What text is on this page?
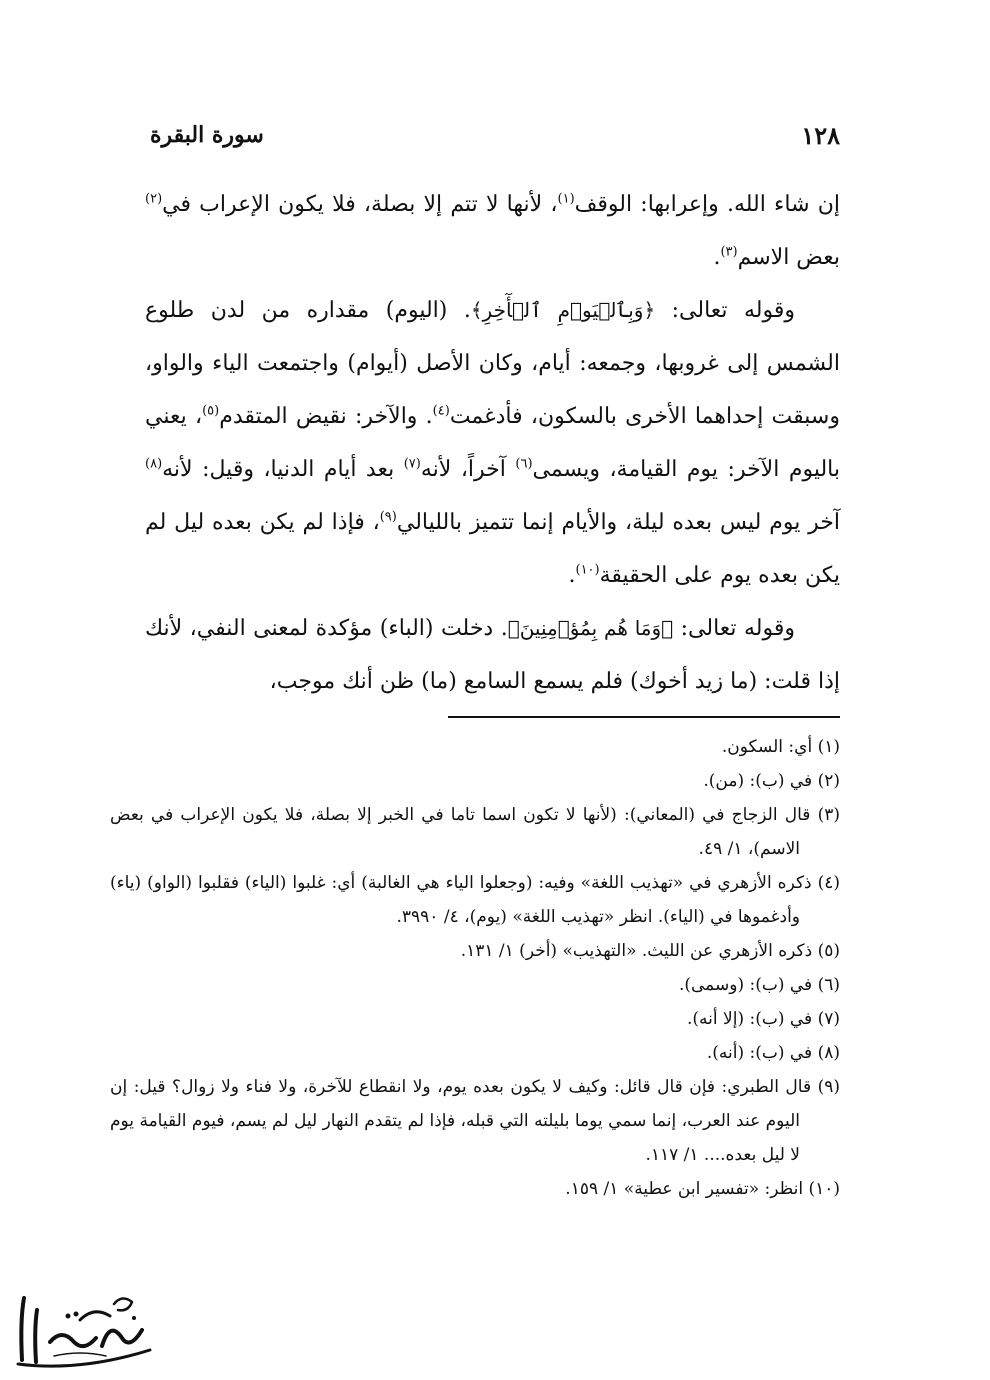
١٢٨
سورة البقرة

إن شاء الله. وإعرابها: الوقف$^{(١)}$، لأنها لا تتم إلا بصلة، فلا يكون الإعراب في$^{(٢)}$ بعض الاسم$^{(٣)}$.

وقوله تعالى: ﴿وَبِٱلۡيَوۡمِ ٱلۡأٓخِرِ﴾. (اليوم) مقداره من لدن طلوع الشمس إلى غروبها، وجمعه: أيام، وكان الأصل (أيوام) واجتمعت الياء والواو، وسبقت إحداهما الأخرى بالسكون، فأدغمت$^{(٤)}$. والآخر: نقيض المتقدم$^{(٥)}$، يعني باليوم الآخر: يوم القيامة، ويسمى$^{(٦)}$ آخراً، لأنه$^{(٧)}$ بعد أيام الدنيا، وقيل: لأنه$^{(٨)}$ آخر يوم ليس بعده ليلة، والأيام إنما تتميز بالليالي$^{(٩)}$، فإذا لم يكن بعده ليل لم يكن بعده يوم على الحقيقة$^{(١٠)}$.

وقوله تعالى: ﴿وَمَا هُم بِمُؤۡمِنِينَ﴾. دخلت (الباء) مؤكدة لمعنى النفي، لأنك إذا قلت: (ما زيد أخوك) فلم يسمع السامع (ما) ظن أنك موجب،

(١) أي: السكون.

(٢) في (ب): (من).

(٣) قال الزجاج في (المعاني): (لأنها لا تكون اسما تاما في الخبر إلا بصلة، فلا يكون الإعراب في بعض الاسم)، ١/ ٤٩.

(٤) ذكره الأزهري في «تهذيب اللغة» وفيه: (وجعلوا الياء هي الغالبة) أي: غلبوا (الياء) فقلبوا (الواو) (ياء) وأدغموها في (الياء). انظر «تهذيب اللغة» (يوم)، ٤/ ٣٩٩٠.

(٥) ذكره الأزهري عن الليث. «التهذيب» (أخر) ١/ ١٣١.

(٦) في (ب): (وسمى).

(٧) في (ب): (إلا أنه).

(٨) في (ب): (أنه).

(٩) قال الطبري: فإن قال قائل: وكيف لا يكون بعده يوم، ولا انقطاع للآخرة، ولا فناء ولا زوال؟ قيل: إن اليوم عند العرب، إنما سمي يوما بليلته التي قبله، فإذا لم يتقدم النهار ليل لم يسم، فيوم القيامة يوم لا ليل بعده.... ١/ ١١٧.

(١٠) انظر: «تفسير ابن عطية» ١/ ١٥٩.
